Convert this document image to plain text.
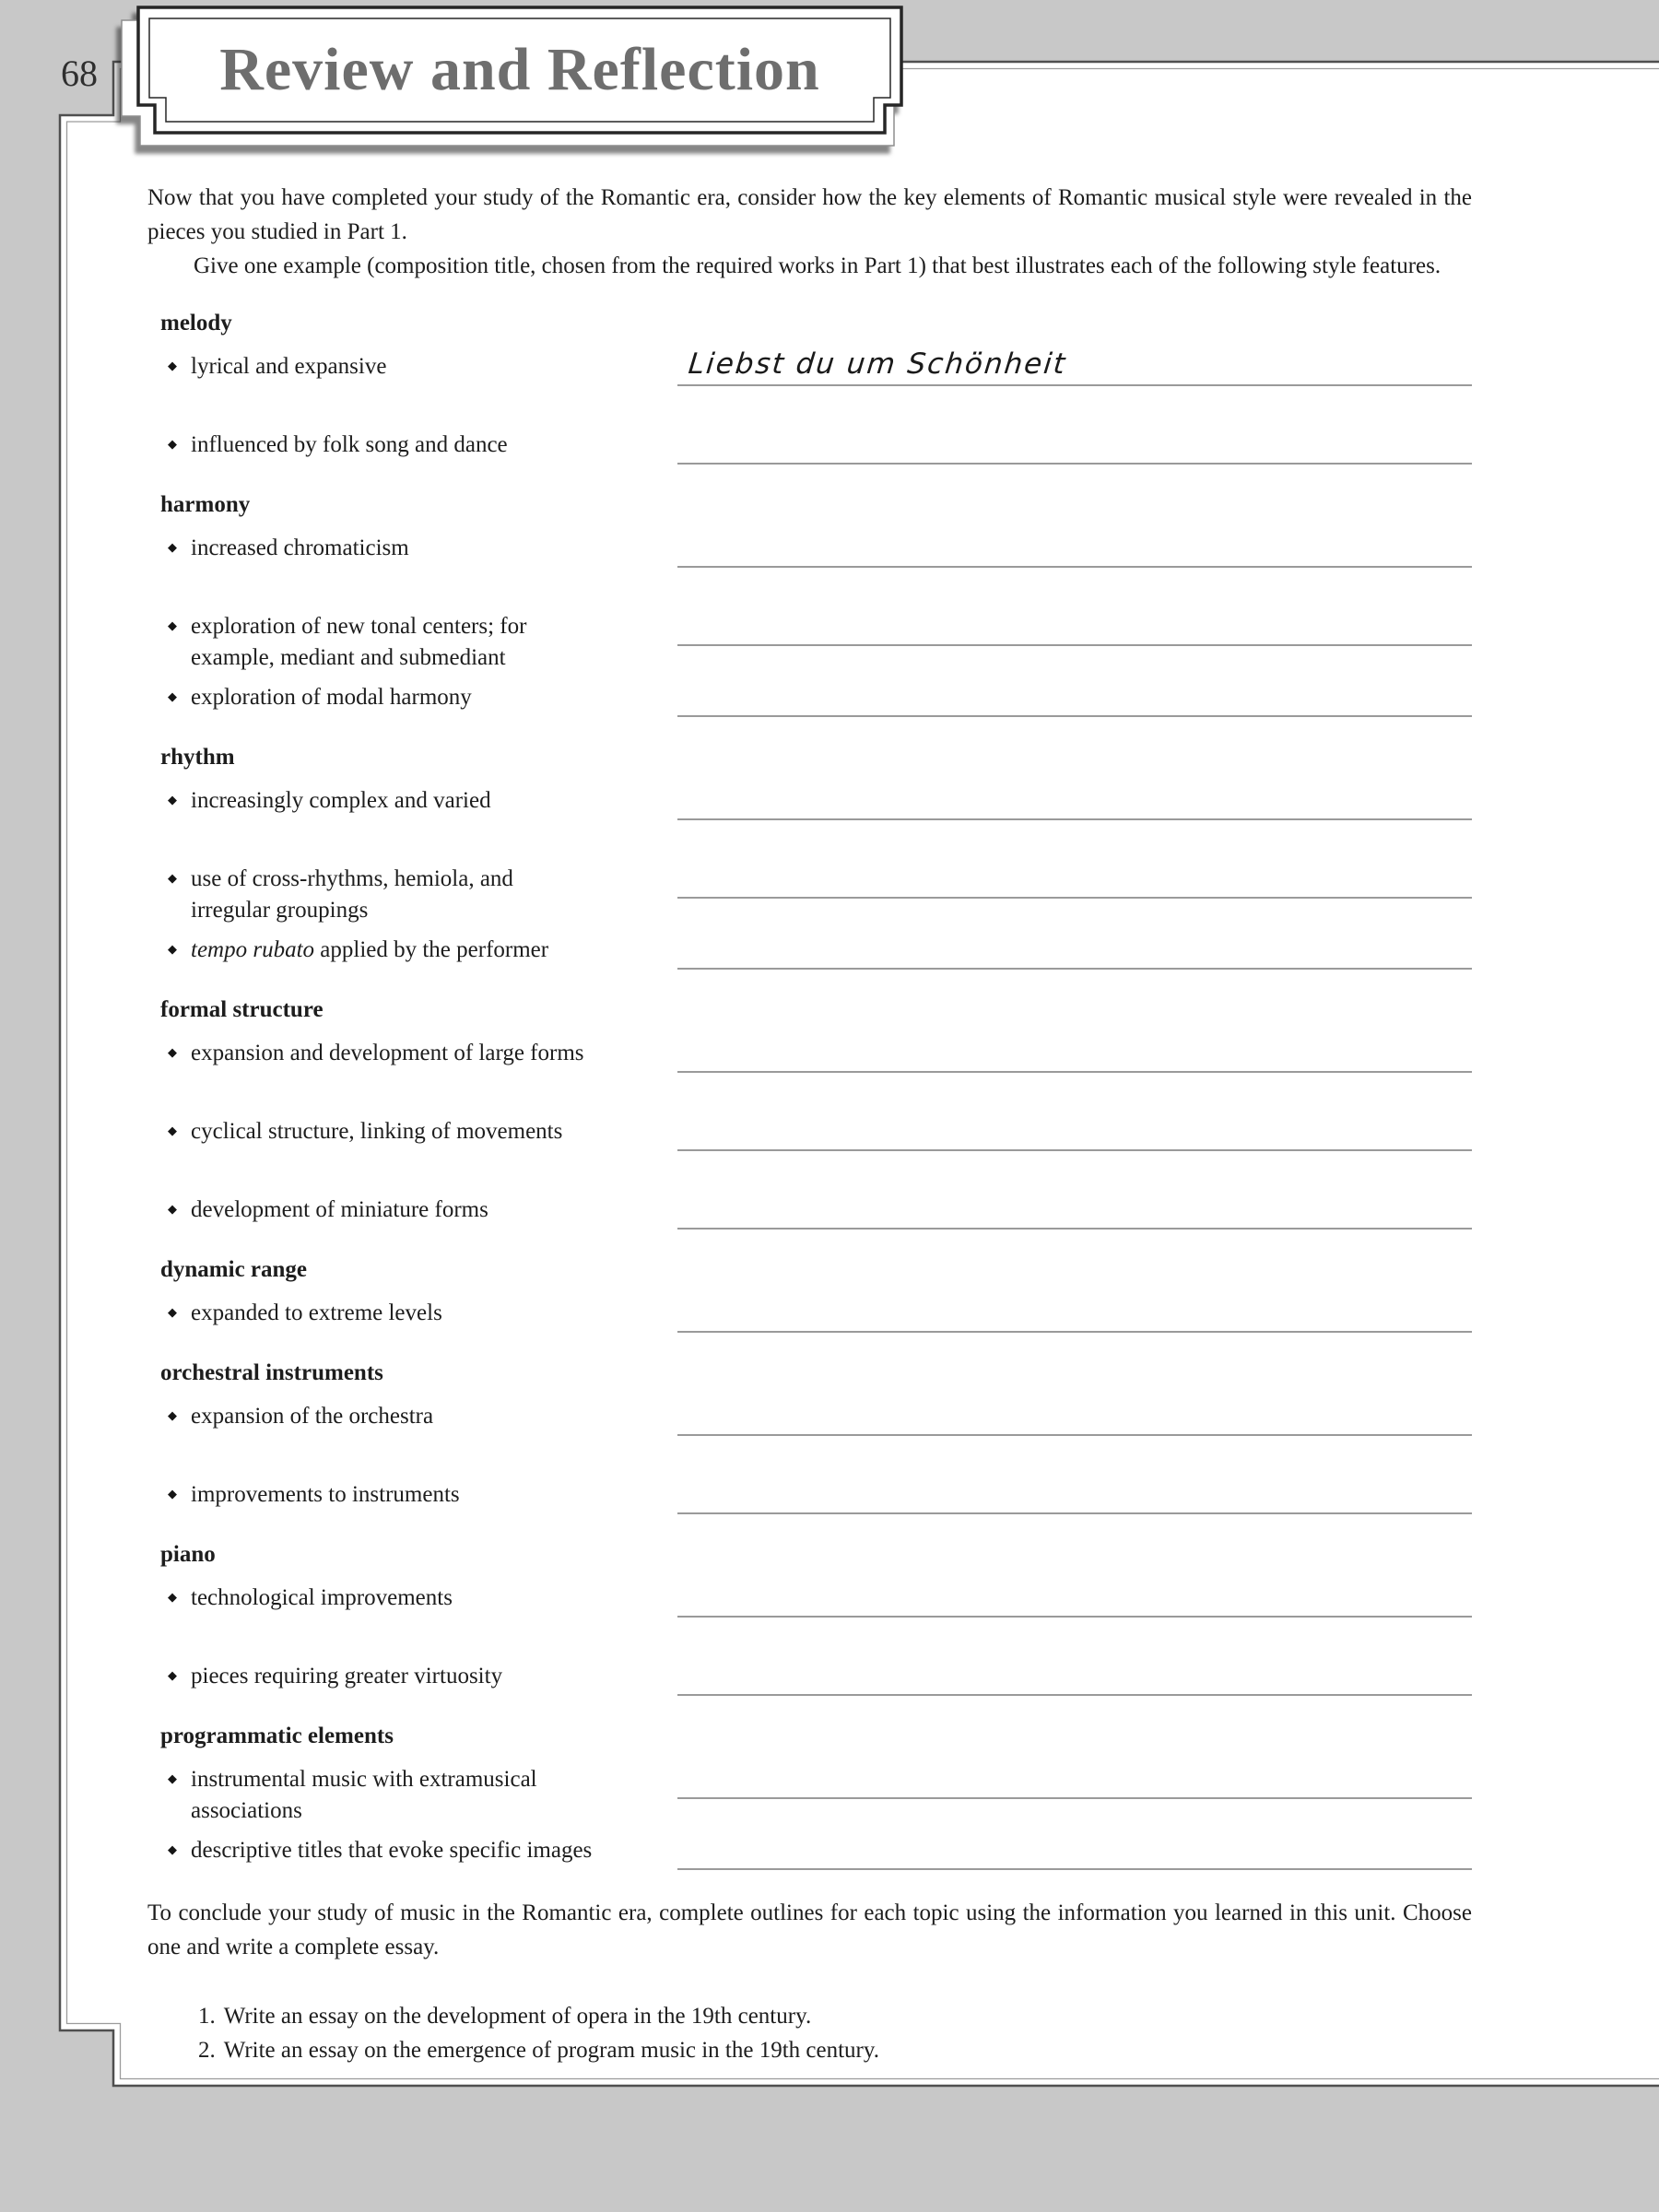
68	Review and Reflection

Now that you have completed your study of the Romantic era, consider how the key elements of Romantic musical style were revealed in the pieces you studied in Part 1.

Give one example (composition title, chosen from the required works in Part 1) that best illustrates each of the following style features.

melody
◆ lyrical and expansive	Liebst du um Schönheit
◆ influenced by folk song and dance
harmony
◆ increased chromaticism
◆ exploration of new tonal centers; for
example, mediant and submediant
◆ exploration of modal harmony
rhythm
◆ increasingly complex and varied
◆ use of cross-rhythms, hemiola, and
irregular groupings
◆ tempo rubato applied by the performer
formal structure
◆ expansion and development of large forms
◆ cyclical structure, linking of movements
◆ development of miniature forms
dynamic range
◆ expanded to extreme levels
orchestral instruments
◆ expansion of the orchestra
◆ improvements to instruments
piano
◆ technological improvements
◆ pieces requiring greater virtuosity
programmatic elements
◆ instrumental music with extramusical
associations
◆ descriptive titles that evoke specific images

To conclude your study of music in the Romantic era, complete outlines for each topic using the information you learned in this unit. Choose one and write a complete essay.

1. Write an essay on the development of opera in the 19th century.
2. Write an essay on the emergence of program music in the 19th century.
